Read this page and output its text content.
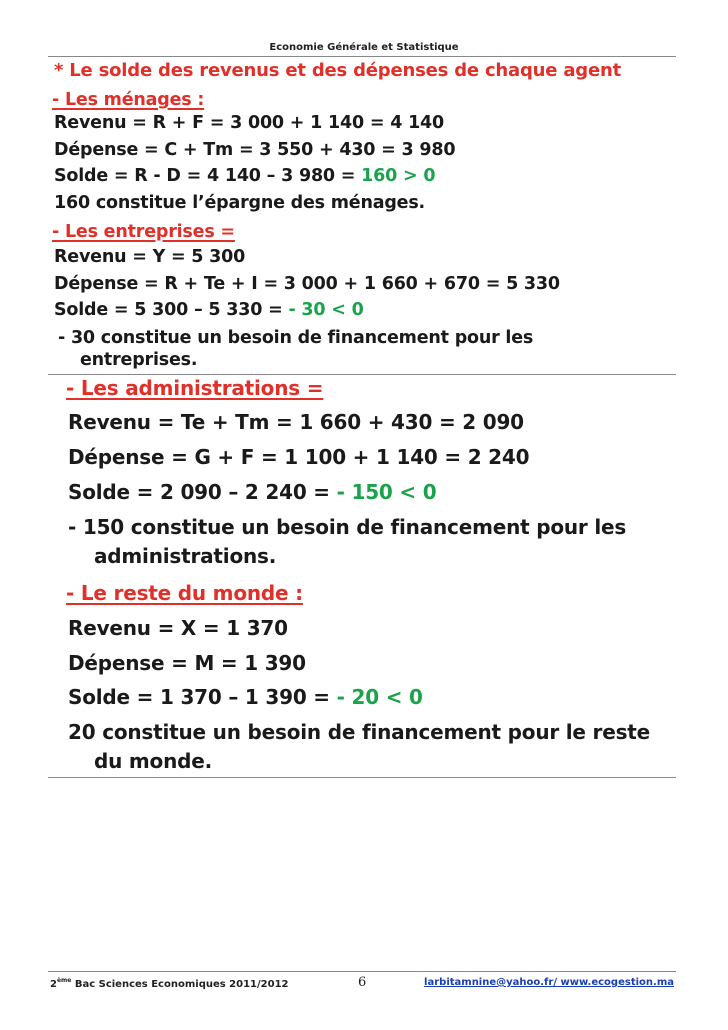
Economie Générale et Statistique
* Le solde des revenus et des dépenses de chaque agent
- Les ménages :
Revenu = R + F = 3 000 + 1 140 = 4 140
Dépense = C + Tm = 3 550 + 430 = 3 980
Solde = R - D = 4 140 – 3 980 = 160 > 0
160 constitue l’épargne des ménages.
- Les entreprises =
Revenu = Y = 5 300
Dépense = R + Te + I = 3 000 + 1 660 + 670 = 5 330
Solde = 5 300 – 5 330 = - 30 < 0
- 30 constitue un besoin de financement pour les
entreprises.
- Les administrations =
Revenu = Te + Tm = 1 660 + 430 = 2 090
Dépense = G + F = 1 100 + 1 140 = 2 240
Solde = 2 090 – 2 240 = - 150 < 0
- 150 constitue un besoin de financement pour les
administrations.
- Le reste du monde :
Revenu = X = 1 370
Dépense = M = 1 390
Solde = 1 370 – 1 390 = - 20 < 0
20 constitue un besoin de financement pour le reste
du monde.
2ème Bac Sciences Economiques 2011/2012	6	larbitamnine@yahoo.fr/ www.ecogestion.ma
